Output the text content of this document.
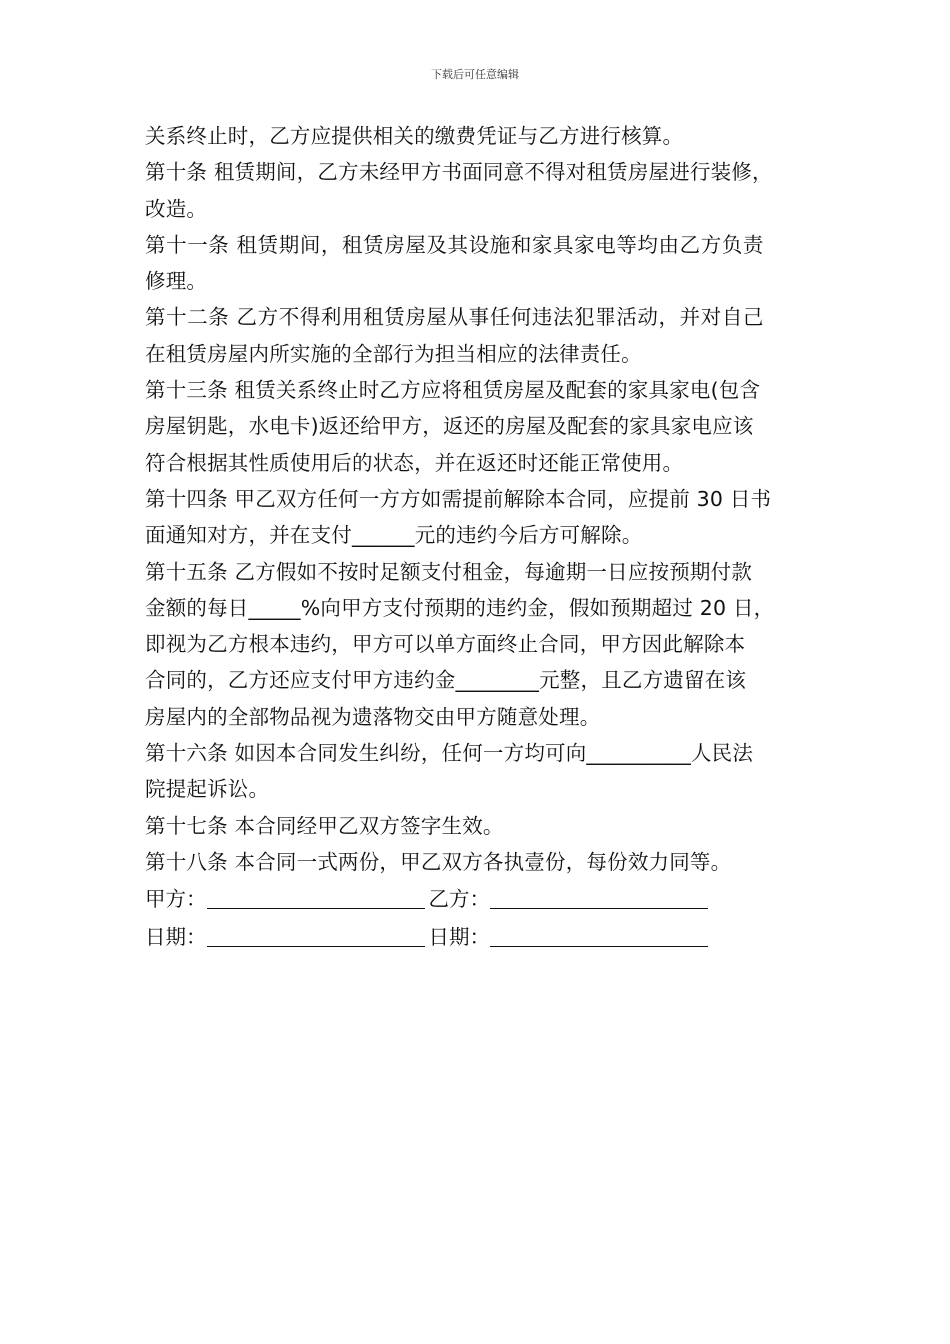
下载后可任意编辑
关系终止时，乙方应提供相关的缴费凭证与乙方进行核算。
第十条 租赁期间，乙方未经甲方书面同意不得对租赁房屋进行装修，
改造。
第十一条 租赁期间，租赁房屋及其设施和家具家电等均由乙方负责
修理。
第十二条 乙方不得利用租赁房屋从事任何违法犯罪活动，并对自己
在租赁房屋内所实施的全部行为担当相应的法律责任。
第十三条 租赁关系终止时乙方应将租赁房屋及配套的家具家电(包含
房屋钥匙，水电卡)返还给甲方，返还的房屋及配套的家具家电应该
符合根据其性质使用后的状态，并在返还时还能正常使用。
第十四条 甲乙双方任何一方方如需提前解除本合同，应提前 30 日书
面通知对方，并在支付______元的违约今后方可解除。
第十五条 乙方假如不按时足额支付租金，每逾期一日应按预期付款
金额的每日_____%向甲方支付预期的违约金，假如预期超过 20 日，
即视为乙方根本违约，甲方可以单方面终止合同，甲方因此解除本
合同的，乙方还应支付甲方违约金________元整，且乙方遗留在该
房屋内的全部物品视为遗落物交由甲方随意处理。
第十六条 如因本合同发生纠纷，任何一方均可向__________人民法
院提起诉讼。
第十七条 本合同经甲乙双方签字生效。
第十八条 本合同一式两份，甲乙双方各执壹份，每份效力同等。
甲方：	乙方：
日期：	日期：
